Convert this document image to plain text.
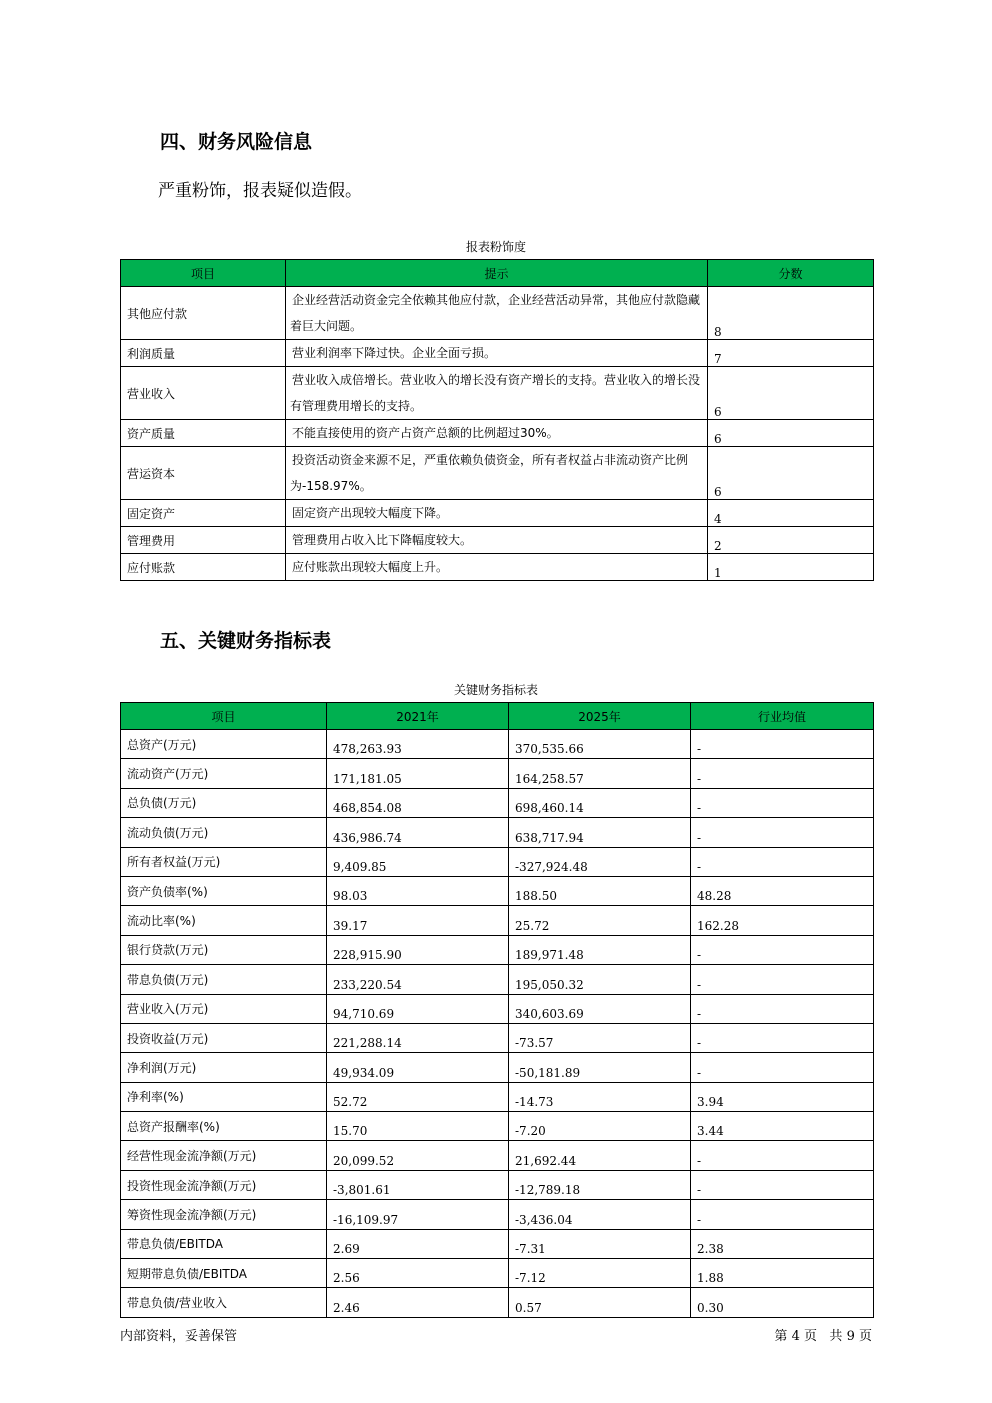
四、财务风险信息
严重粉饰，报表疑似造假。
报表粉饰度
项目	提示	分数
其他应付款	企业经营活动资金完全依赖其他应付款，企业经营活动异常，其他应付款隐藏着巨大问题。	8
利润质量	营业利润率下降过快。企业全面亏损。	7
营业收入	营业收入成倍增长。营业收入的增长没有资产增长的支持。营业收入的增长没有管理费用增长的支持。	6
资产质量	不能直接使用的资产占资产总额的比例超过30%。	6
营运资本	投资活动资金来源不足，严重依赖负债资金，所有者权益占非流动资产比例为-158.97%。	6
固定资产	固定资产出现较大幅度下降。	4
管理费用	管理费用占收入比下降幅度较大。	2
应付账款	应付账款出现较大幅度上升。	1
五、关键财务指标表
关键财务指标表
项目	2021年	2025年	行业均值
总资产(万元)	478,263.93	370,535.66	-
流动资产(万元)	171,181.05	164,258.57	-
总负债(万元)	468,854.08	698,460.14	-
流动负债(万元)	436,986.74	638,717.94	-
所有者权益(万元)	9,409.85	-327,924.48	-
资产负债率(%)	98.03	188.50	48.28
流动比率(%)	39.17	25.72	162.28
银行贷款(万元)	228,915.90	189,971.48	-
带息负债(万元)	233,220.54	195,050.32	-
营业收入(万元)	94,710.69	340,603.69	-
投资收益(万元)	221,288.14	-73.57	-
净利润(万元)	49,934.09	-50,181.89	-
净利率(%)	52.72	-14.73	3.94
总资产报酬率(%)	15.70	-7.20	3.44
经营性现金流净额(万元)	20,099.52	21,692.44	-
投资性现金流净额(万元)	-3,801.61	-12,789.18	-
筹资性现金流净额(万元)	-16,109.97	-3,436.04	-
带息负债/EBITDA	2.69	-7.31	2.38
短期带息负债/EBITDA	2.56	-7.12	1.88
带息负债/营业收入	2.46	0.57	0.30
内部资料，妥善保管	第 4 页 共 9 页
